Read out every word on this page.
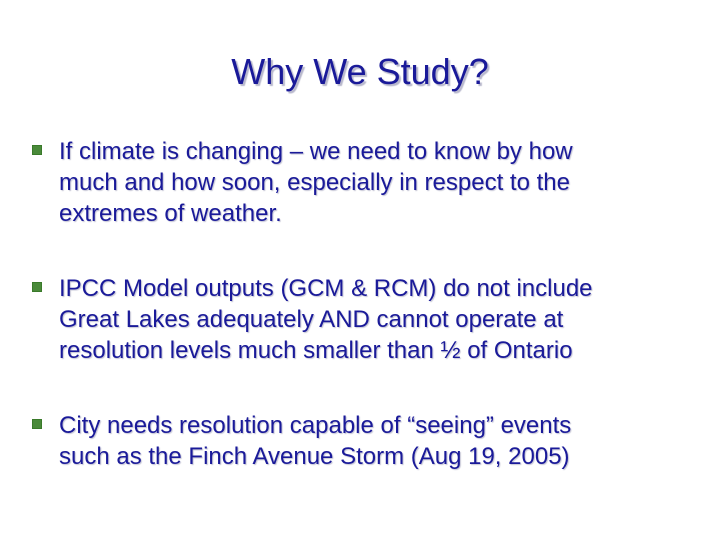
Why We Study?
If climate is changing – we need to know by how
much and how soon, especially in respect to the
extremes of weather.
IPCC Model outputs (GCM & RCM) do not include
Great Lakes adequately AND cannot operate at
resolution levels much smaller than ½ of Ontario
City needs resolution capable of “seeing” events
such as the Finch Avenue Storm (Aug 19, 2005)
